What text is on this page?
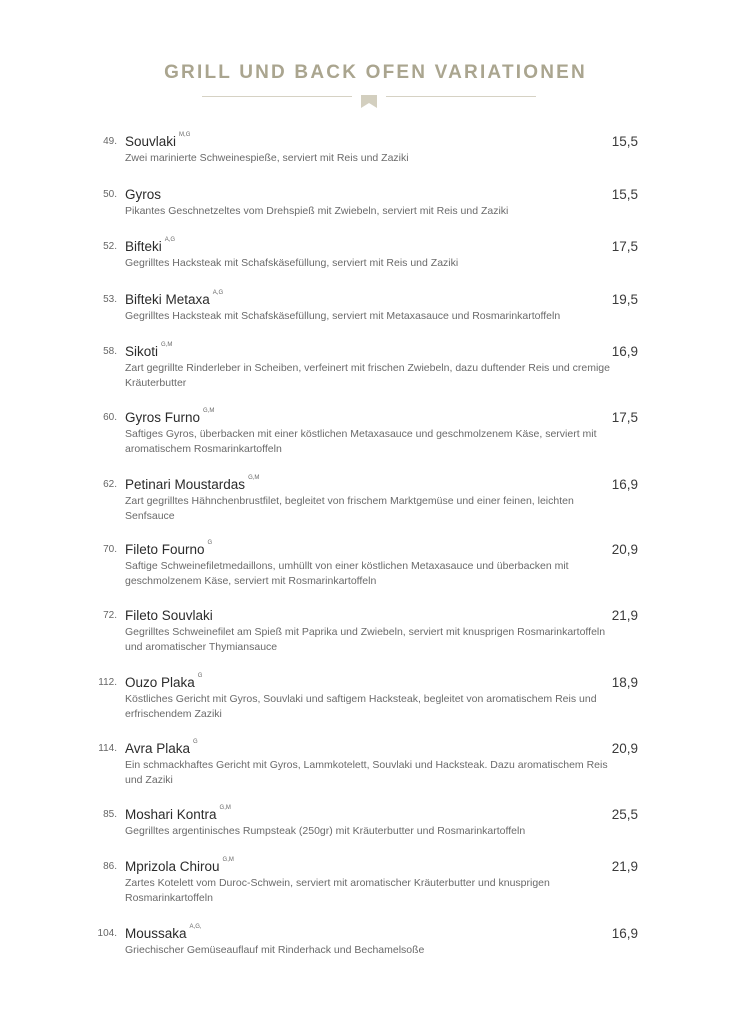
GRILL UND BACK OFEN VARIATIONEN
49. Souvlaki $^{M,G}$	15,5
Zwei marinierte Schweinespieße, serviert mit Reis und Zaziki
50. Gyros	15,5
Pikantes Geschnetzeltes vom Drehspieß mit Zwiebeln, serviert mit Reis und Zaziki
52. Bifteki $^{A,G}$	17,5
Gegrilltes Hacksteak mit Schafskäsefüllung, serviert mit Reis und Zaziki
53. Bifteki Metaxa $^{A,G}$	19,5
Gegrilltes Hacksteak mit Schafskäsefüllung, serviert mit Metaxasauce und Rosmarinkartoffeln
58. Sikoti $^{G,M}$	16,9
Zart gegrillte Rinderleber in Scheiben, verfeinert mit frischen Zwiebeln, dazu duftender Reis und cremige Kräuterbutter
60. Gyros Furno $^{G,M}$	17,5
Saftiges Gyros, überbacken mit einer köstlichen Metaxasauce und geschmolzenem Käse, serviert mit aromatischem Rosmarinkartoffeln
62. Petinari Moustardas $^{G,M}$	16,9
Zart gegrilltes Hähnchenbrustfilet, begleitet von frischem Marktgemüse und einer feinen, leichten Senfsauce
70. Fileto Fourno $^G$	20,9
Saftige Schweinefiletmedaillons, umhüllt von einer köstlichen Metaxasauce und überbacken mit geschmolzenem Käse, serviert mit Rosmarinkartoffeln
72. Fileto Souvlaki	21,9
Gegrilltes Schweinefilet am Spieß mit Paprika und Zwiebeln, serviert mit knusprigen Rosmarinkartoffeln und aromatischer Thymiansauce
112. Ouzo Plaka $^G$	18,9
Köstliches Gericht mit Gyros, Souvlaki und saftigem Hacksteak, begleitet von aromatischem Reis und erfrischendem Zaziki
114. Avra Plaka $^G$	20,9
Ein schmackhaftes Gericht mit Gyros, Lammkotelett, Souvlaki und Hacksteak. Dazu aromatischem Reis und Zaziki
85. Moshari Kontra $^{G,M}$	25,5
Gegrilltes argentinisches Rumpsteak (250gr) mit Kräuterbutter und Rosmarinkartoffeln
86. Mprizola Chirou $^{G,M}$	21,9
Zartes Kotelett vom Duroc-Schwein, serviert mit aromatischer Kräuterbutter und knusprigen Rosmarinkartoffeln
104. Moussaka $^{A,G,}$	16,9
Griechischer Gemüseauflauf mit Rinderhack und Bechamelsoße
